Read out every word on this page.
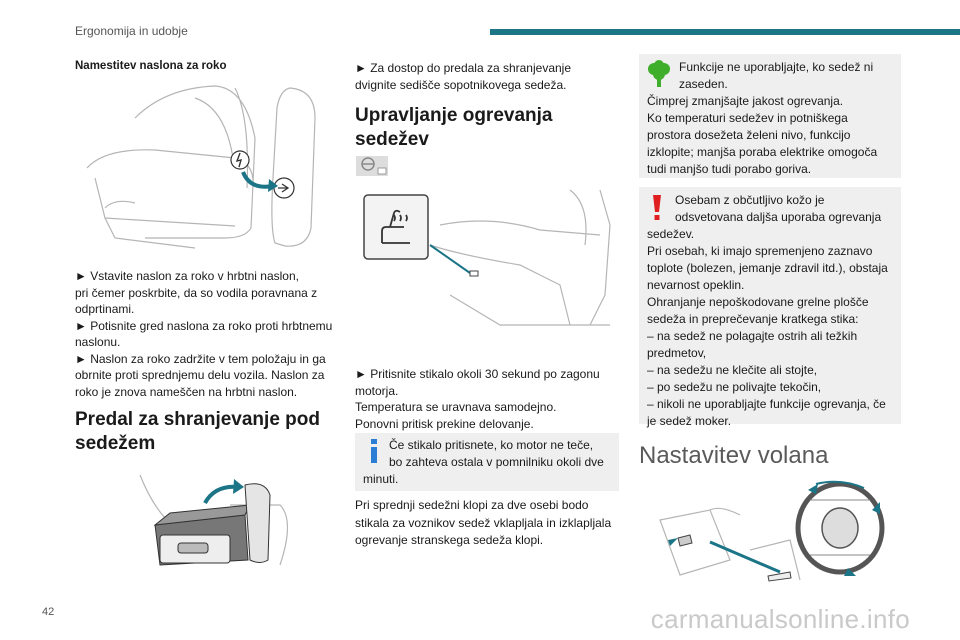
Ergonomija in udobje
Namestitev naslona za roko

► Vstavite naslon za roko v hrbtni naslon,

pri čemer poskrbite, da so vodila poravnana z

odprtinami.

► Potisnite gred naslona za roko proti hrbtnemu

naslonu.

► Naslon za roko zadržite v tem položaju in ga

obrnite proti sprednjemu delu vozila. Naslon za

roko je znova nameščen na hrbtni naslon.

Predal za shranjevanje pod
sedežem

► Za dostop do predala za shranjevanje

dvignite sedišče sopotnikovega sedeža.

Upravljanje ogrevanja
sedežev

► Pritisnite stikalo okoli 30 sekund po zagonu

motorja.

Temperatura se uravnava samodejno.

Ponovni pritisk prekine delovanje.

Če stikalo pritisnete, ko motor ne teče,

bo zahteva ostala v pomnilniku okoli dve

minuti.

Pri sprednji sedežni klopi za dve osebi bodo

stikala za voznikov sedež vklapljala in izklapljala

ogrevanje stranskega sedeža klopi.

Funkcije ne uporabljajte, ko sedež ni

zaseden.

Čimprej zmanjšajte jakost ogrevanja.

Ko temperaturi sedežev in potniškega

prostora dosežeta želeni nivo, funkcijo

izklopite; manjša poraba elektrike omogoča

tudi manjšo tudi porabo goriva.

Osebam z občutljivo kožo je

odsvetovana daljša uporaba ogrevanja

sedežev.

Pri osebah, ki imajo spremenjeno zaznavo

toplote (bolezen, jemanje zdravil itd.), obstaja

nevarnost opeklin.

Ohranjanje nepoškodovane grelne plošče

sedeža in preprečevanje kratkega stika:

– na sedež ne polagajte ostrih ali težkih

predmetov,

– na sedežu ne klečite ali stojte,

– po sedežu ne polivajte tekočin,

– nikoli ne uporabljajte funkcije ogrevanja, če

je sedež moker.

Nastavitev volana
42	carmanualsonline.info
